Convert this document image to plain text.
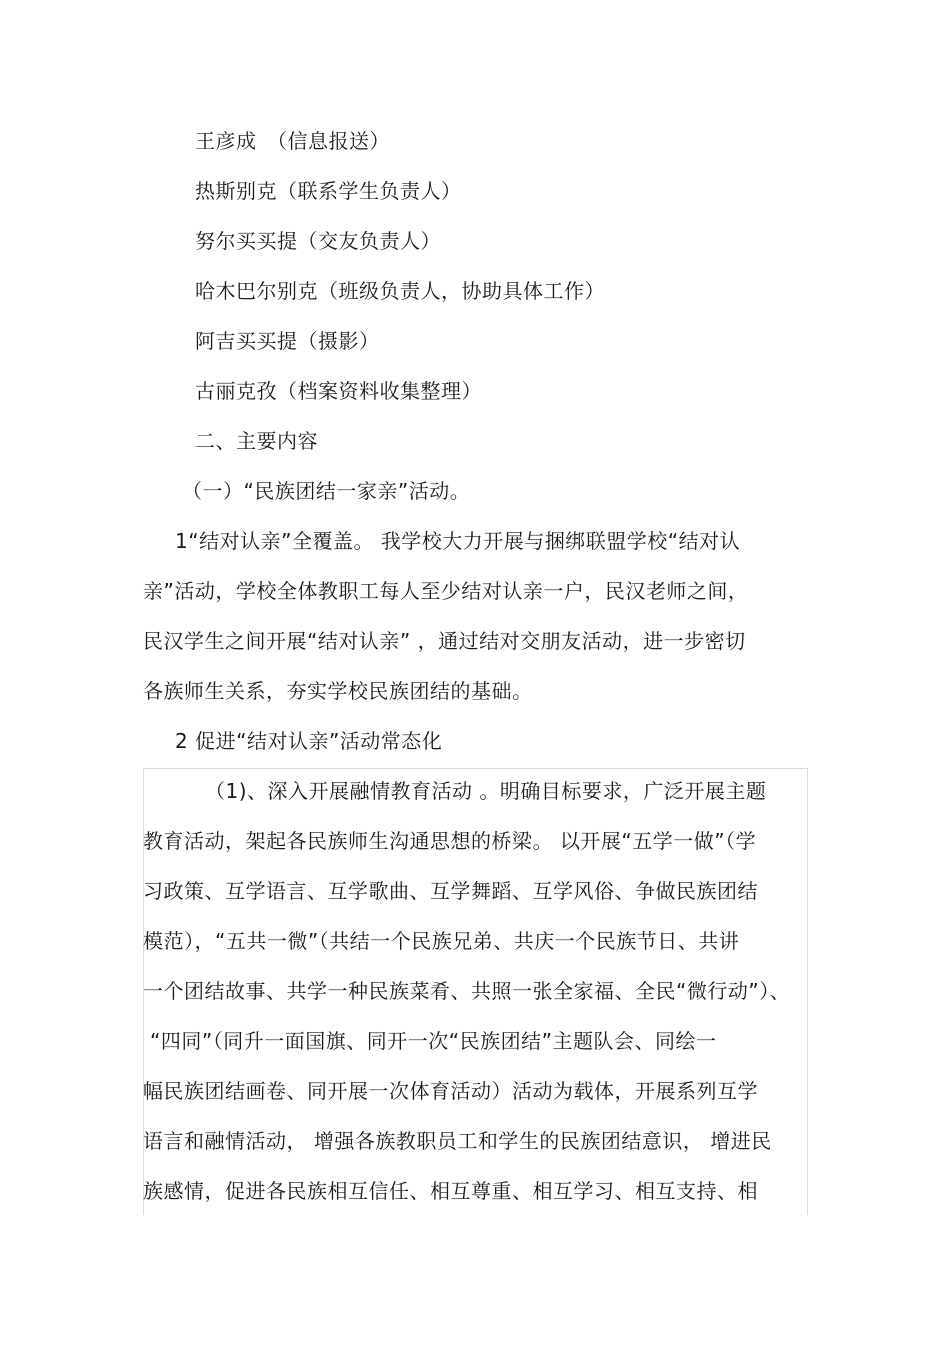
王彦成　（信息报送）
热斯别克（联系学生负责人）
努尔买买提（交友负责人）
哈木巴尔别克（班级负责人，协助具体工作）
阿吉买买提（摄影）
古丽克孜（档案资料收集整理）
二、主要内容
（一）“民族团结一家亲”活动。
1“结对认亲”全覆盖。 我学校大力开展与捆绑联盟学校“结对认
亲”活动，学校全体教职工每人至少结对认亲一户，民汉老师之间，
民汉学生之间开展“结对认亲” ，通过结对交朋友活动，进一步密切
各族师生关系，夯实学校民族团结的基础。
2 促进“结对认亲”活动常态化
（1)、深入开展融情教育活动 。明确目标要求，广泛开展主题
教育活动，架起各民族师生沟通思想的桥梁。 以开展“五学一做”（学
习政策、互学语言、互学歌曲、互学舞蹈、互学风俗、争做民族团结
模范），“五共一微”（共结一个民族兄弟、共庆一个民族节日、共讲
一个团结故事、共学一种民族菜肴、共照一张全家福、全民“微行动”）、
“四同”（同升一面国旗、同开一次“民族团结”主题队会、同绘一
幅民族团结画卷、同开展一次体育活动）活动为载体，开展系列互学
语言和融情活动， 增强各族教职员工和学生的民族团结意识， 增进民
族感情，促进各民族相互信任、相互尊重、相互学习、相互支持、相
